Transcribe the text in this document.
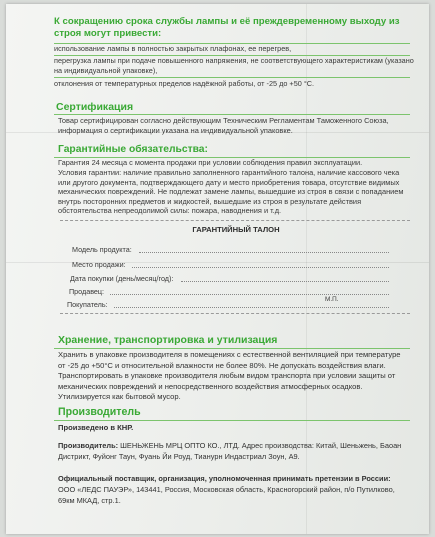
К сокращению срока службы лампы и её преждевременному выходу из строя могут привести:
использование лампы в полностью закрытых плафонах, ее перегрев,
перегрузка лампы при подаче повышенного напряжения, не соответствующего характеристикам (указано на индивидуальной упаковке),
отклонения от температурных пределов надёжной работы, от -25 до +50 °С.
Сертификация
Товар сертифицирован согласно действующим Техническим Регламентам Таможенного Союза, информация о сертификации указана на индивидуальной упаковке.
Гарантийные обязательства:
Гарантия 24 месяца с момента продажи при условии соблюдения правил эксплуатации.
Условия гарантии: наличие правильно заполненного гарантийного талона, наличие кассового чека или другого документа, подтверждающего дату и место приобретения товара, отсутствие видимых механических повреждений. Не подлежат замене лампы, вышедшие из строя в связи с попаданием внутрь посторонних предметов и жидкостей, вышедшие из строя в результате действия обстоятельства непреодолимой силы: пожара, наводнения и т.д.
ГАРАНТИЙНЫЙ ТАЛОН
Модель продукта:
Место продажи:
Дата покупки (день/месяц/год):
Продавец:
М.П.
Покупатель:
Хранение, транспортировка и утилизация
Хранить в упаковке производителя в помещениях с естественной вентиляцией при температуре от -25 до +50°С и относительной влажности не более 80%. Не допускать воздействия влаги. Транспортировать в упаковке производителя любым видом транспорта при условии защиты от механических повреждений и непосредственного воздействия атмосферных осадков. Утилизируется как бытовой мусор.
Производитель
Произведено в КНР.
Производитель: ШЕНЬЖЕНЬ МРЦ ОПТО КО., ЛТД. Адрес производства: Китай, Шеньжень, Баоан Дистрикт, Фуйонг Таун, Фуань Йи Роуд, Тианурн Индастриал Зоун, А9.
Официальный поставщик, организация, уполномоченная принимать претензии в России:
ООО «ЛЕДС ПАУЭР», 143441, Россия, Московская область, Красногорский район, п/о Путилково, 69км МКАД, стр.1.
